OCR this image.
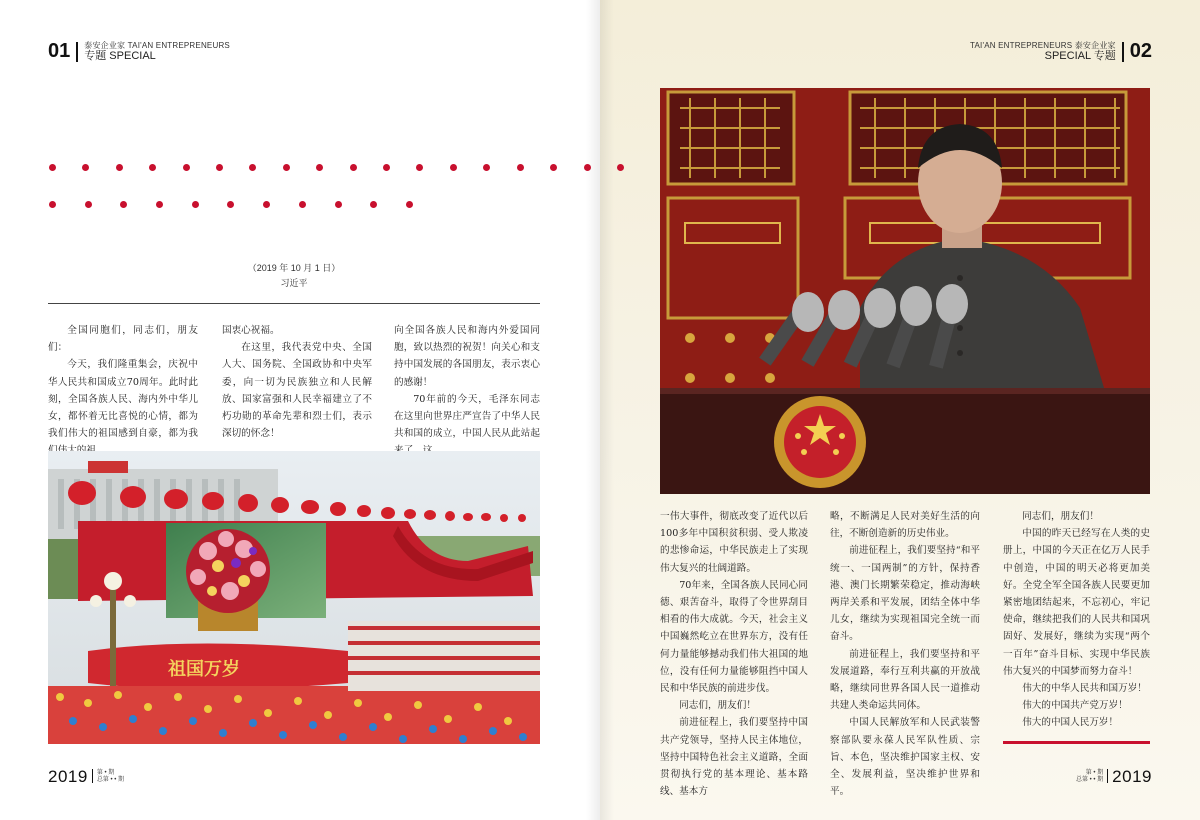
01 泰安企业家 TAI'AN ENTREPRENEURS
专题 SPECIAL
TAI'AN ENTREPRENEURS 泰安企业家
SPECIAL 专题 02
（2019 年 10 月 1 日）
习近平

全国同胞们，同志们，朋友们：

今天，我们隆重集会，庆祝中华人民共和国成立70周年。此时此刻，全国各族人民、海内外中华儿女，都怀着无比喜悦的心情，都为我们伟大的祖国感到自豪，都为我

国衷心祝福。

在这里，我代表党中央、全国人大、国务院、全国政协和中央军委，向一切为民族独立和人民解放、国家富强和人民幸福建立了不朽功勋的革命先辈和烈士们，表示深切的怀念！

向全国各族人民和海内外爱国同胞，致以热烈的祝贺！向关心和支持中国发展的各国朋友，表示衷心的感谢！

70年前的今天，毛泽东同志在这里向世界庄严宣告了中华人民共和国的成立，中国人民从此站起

祖国万岁

一伟大事件，彻底改变了近代以后100多年中国积贫积弱、受人欺凌的悲惨命运，中华民族走上了实现伟大复兴的壮阔道路。

70年来，全国各族人民同心同德、艰苦奋斗，取得了令世界刮目相看的伟大成就。今天，社会主义中国巍然屹立在世界东方，没有任何力量能够撼动我们伟大祖国的地位，没有任何力量能够阻挡中国人民和中华民族的前进步伐。

同志们，朋友们！

前进征程上，我们要坚持中国共产党领导，坚持人民主体地位，坚持中国特色社会主义道路，全面贯彻执行党的基本理论、基本路线、基本方

略，不断满足人民对美好生活的向往，不断创造新的历史伟业。

前进征程上，我们要坚持“和平统一、一国两制”的方针，保持香港、澳门长期繁荣稳定，推动海峡两岸关系和平发展，团结全体中华儿女，继续为实现祖国完全统一而奋斗。

前进征程上，我们要坚持和平发展道路，奉行互利共赢的开放战略，继续同世界各国人民一道推动共建人类命运共同体。

中国人民解放军和人民武装警察部队要永葆人民军队性质、宗旨、本色，坚决维护国家主权、安全、发展利益，坚决维护世界和平。

同志们，朋友们！

中国的昨天已经写在人类的史册上，中国的今天正在亿万人民手中创造，中国的明天必将更加美好。全党全军全国各族人民要更加紧密地团结起来，不忘初心，牢记使命，继续把我们的人民共和国巩固好、发展好，继续为实现“两个一百年”奋斗目标、实现中华民族伟大复兴的中国梦而努力奋斗！

伟大的中华人民共和国万岁！

伟大的中国共产党万岁！

伟大的中国人民万岁！

2019 第 • 期
总第 • • 期
第 • 期
总第 • • 期 2019
